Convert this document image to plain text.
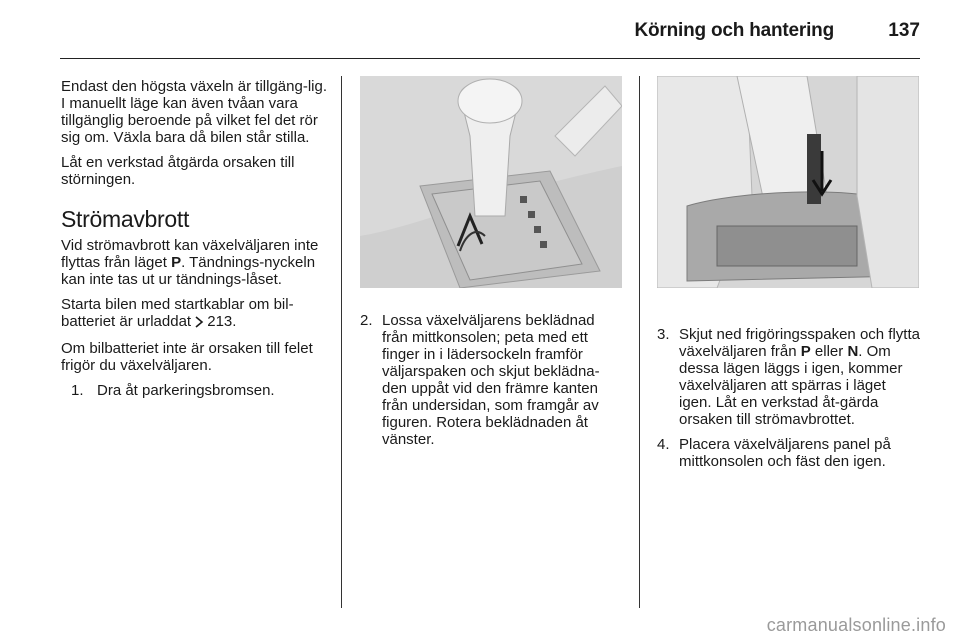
Körning och hantering	137

Endast den högsta växeln är tillgäng-lig. I manuellt läge kan även tvåan vara tillgänglig beroende på vilket fel det rör sig om. Växla bara då bilen står stilla.

Låt en verkstad åtgärda orsaken till störningen.

Strömavbrott

Vid strömavbrott kan växelväljaren inte flyttas från läget P. Tändnings-nyckeln kan inte tas ut ur tändnings-låset.

Starta bilen med startkablar om bil-batteriet är urladdat 213.

Om bilbatteriet inte är orsaken till felet frigör du växelväljaren.

1. Dra åt parkeringsbromsen.
2. Lossa växelväljarens beklädnad från mittkonsolen; peta med ett finger in i lädersockeln framför väljarspaken och skjut beklädna-den uppåt vid den främre kanten från undersidan, som framgår av figuren. Rotera beklädnaden åt vänster.
3. Skjut ned frigöringsspaken och flytta växelväljaren från P eller N. Om dessa lägen läggs i igen, kommer växelväljaren att spärras i läget igen. Låt en verkstad åt-gärda orsaken till strömavbrottet.
4. Placera växelväljarens panel på mittkonsolen och fäst den igen.
carmanualsonline.info
